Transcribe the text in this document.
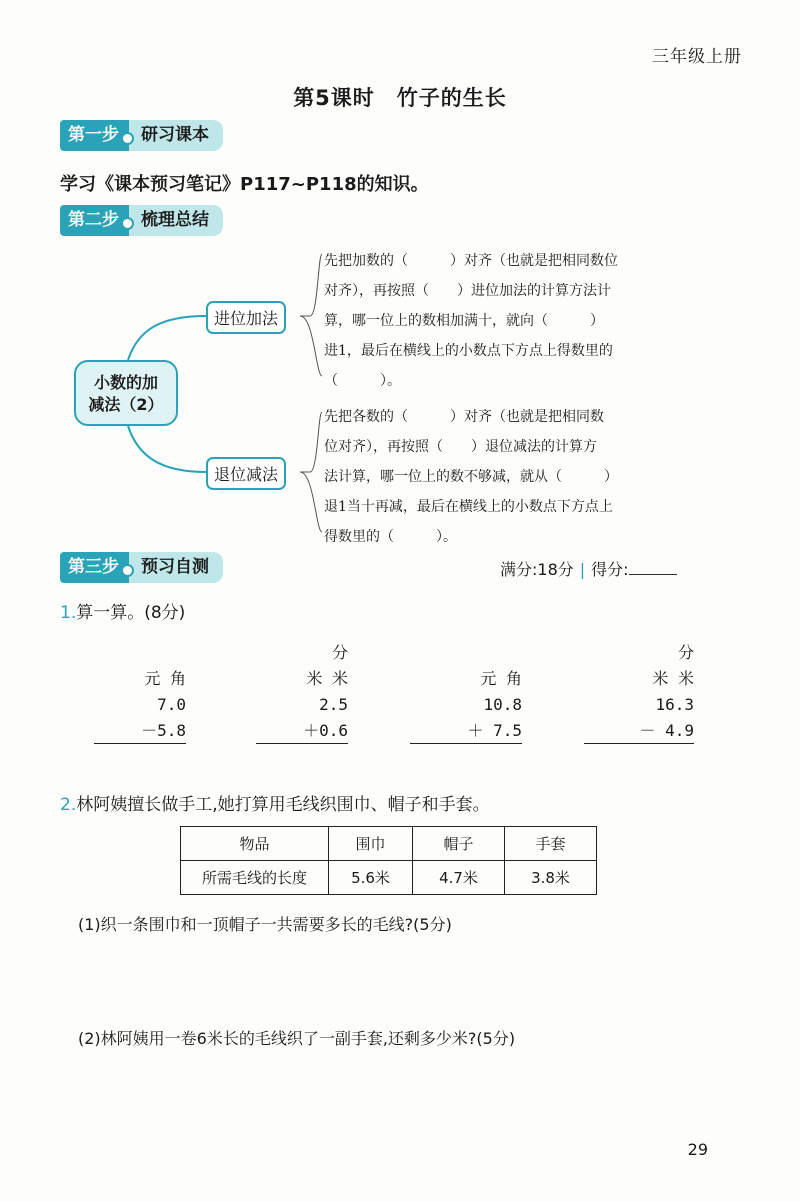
三年级上册
第5课时　竹子的生长
第一步	研习课本
学习《课本预习笔记》P117~P118的知识。
第二步	梳理总结
小数的加
减法（2）
进位加法
退位减法
先把加数的（　　　）对齐（也就是把相同数位
对齐），再按照（　　）进位加法的计算方法计
算，哪一位上的数相加满十，就向（　　　）
进1，最后在横线上的小数点下方点上得数里的
（　　　）。
先把各数的（　　　）对齐（也就是把相同数
位对齐），再按照（　　）退位减法的计算方
法计算，哪一位上的数不够减，就从（　　　）
退1当十再减，最后在横线上的小数点下方点上
得数里的（　　　）。
第三步	预习自测	满分:18分 | 得分:
1.算一算。(8分)

元 角
7.0
－5.8
分
米 米
2.5
＋0.6

元 角
10.8
＋ 7.5
分
米 米
16.3
－ 4.9
2.林阿姨擅长做手工,她打算用毛线织围巾、帽子和手套。
物品	围巾	帽子	手套
所需毛线的长度	5.6米	4.7米	3.8米
(1)织一条围巾和一顶帽子一共需要多长的毛线?(5分)
(2)林阿姨用一卷6米长的毛线织了一副手套,还剩多少米?(5分)
29
